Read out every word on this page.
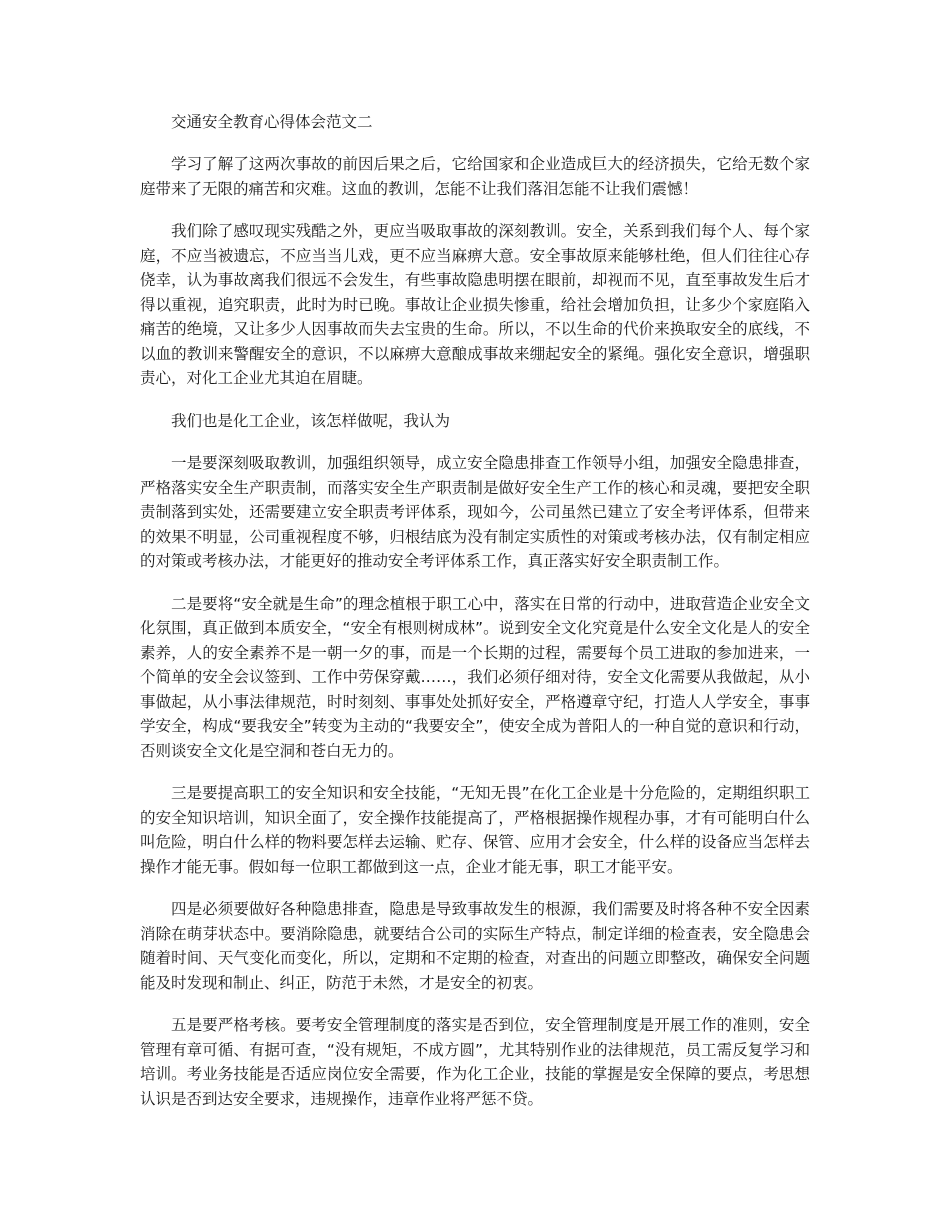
交通安全教育心得体会范文二

学习了解了这两次事故的前因后果之后，它给国家和企业造成巨大的经济损失，它给无数个家庭带来了无限的痛苦和灾难。这血的教训，怎能不让我们落泪怎能不让我们震憾！

我们除了感叹现实残酷之外，更应当吸取事故的深刻教训。安全，关系到我们每个人、每个家庭，不应当被遗忘，不应当当儿戏，更不应当麻痹大意。安全事故原来能够杜绝，但人们往往心存侥幸，认为事故离我们很远不会发生，有些事故隐患明摆在眼前，却视而不见，直至事故发生后才得以重视，追究职责，此时为时已晚。事故让企业损失惨重，给社会增加负担，让多少个家庭陷入痛苦的绝境，又让多少人因事故而失去宝贵的生命。所以，不以生命的代价来换取安全的底线，不以血的教训来警醒安全的意识，不以麻痹大意酿成事故来绷起安全的紧绳。强化安全意识，增强职责心，对化工企业尤其迫在眉睫。

我们也是化工企业，该怎样做呢，我认为

一是要深刻吸取教训，加强组织领导，成立安全隐患排查工作领导小组，加强安全隐患排查，严格落实安全生产职责制，而落实安全生产职责制是做好安全生产工作的核心和灵魂，要把安全职责制落到实处，还需要建立安全职责考评体系，现如今，公司虽然已建立了安全考评体系，但带来的效果不明显，公司重视程度不够，归根结底为没有制定实质性的对策或考核办法，仅有制定相应的对策或考核办法，才能更好的推动安全考评体系工作，真正落实好安全职责制工作。

二是要将“安全就是生命”的理念植根于职工心中，落实在日常的行动中，进取营造企业安全文化氛围，真正做到本质安全，“安全有根则树成林”。说到安全文化究竟是什么安全文化是人的安全素养，人的安全素养不是一朝一夕的事，而是一个长期的过程，需要每个员工进取的参加进来，一个简单的安全会议签到、工作中劳保穿戴……，我们必须仔细对待，安全文化需要从我做起，从小事做起，从小事法律规范，时时刻刻、事事处处抓好安全，严格遵章守纪，打造人人学安全，事事学安全，构成“要我安全”转变为主动的“我要安全”，使安全成为普阳人的一种自觉的意识和行动，否则谈安全文化是空洞和苍白无力的。

三是要提高职工的安全知识和安全技能，“无知无畏”在化工企业是十分危险的，定期组织职工的安全知识培训，知识全面了，安全操作技能提高了，严格根据操作规程办事，才有可能明白什么叫危险，明白什么样的物料要怎样去运输、贮存、保管、应用才会安全，什么样的设备应当怎样去操作才能无事。假如每一位职工都做到这一点，企业才能无事，职工才能平安。

四是必须要做好各种隐患排查，隐患是导致事故发生的根源，我们需要及时将各种不安全因素消除在萌芽状态中。要消除隐患，就要结合公司的实际生产特点，制定详细的检查表，安全隐患会随着时间、天气变化而变化，所以，定期和不定期的检查，对查出的问题立即整改，确保安全问题能及时发现和制止、纠正，防范于未然，才是安全的初衷。

五是要严格考核。要考安全管理制度的落实是否到位，安全管理制度是开展工作的准则，安全管理有章可循、有据可查，“没有规矩，不成方圆”，尤其特别作业的法律规范，员工需反复学习和培训。考业务技能是否适应岗位安全需要，作为化工企业，技能的掌握是安全保障的要点，考思想认识是否到达安全要求，违规操作，违章作业将严惩不贷。
